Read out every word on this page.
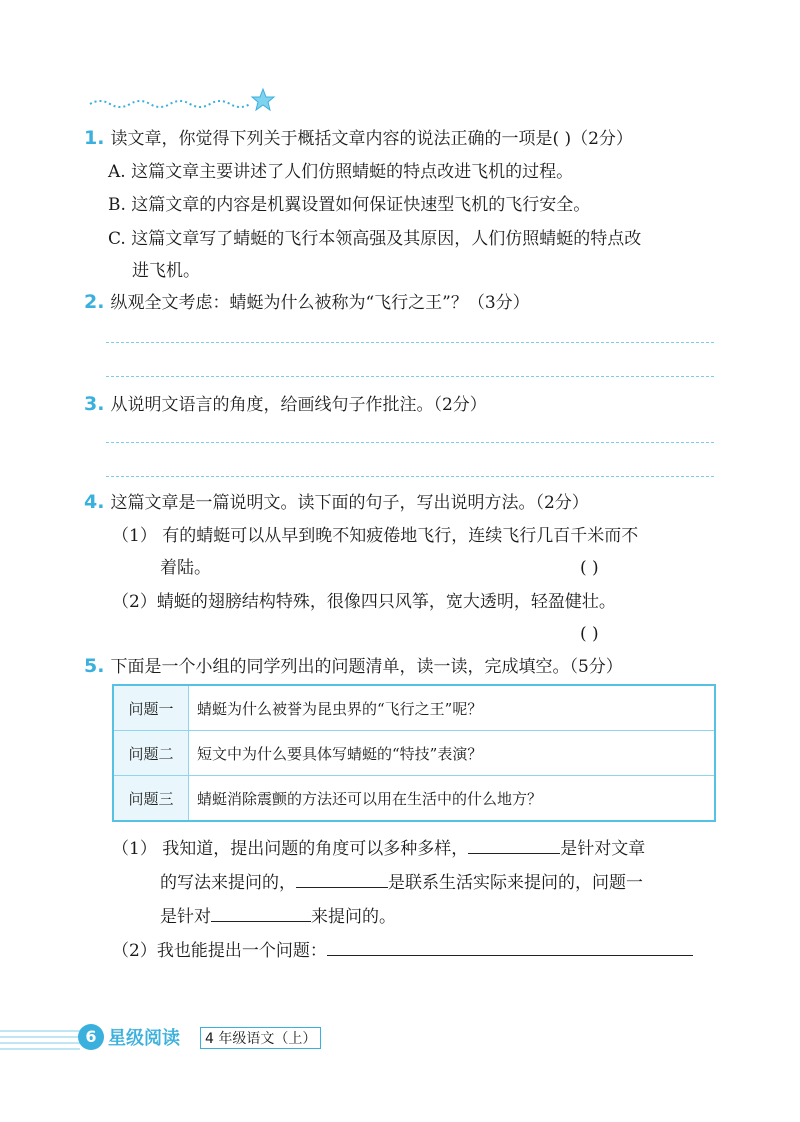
1. 读文章，你觉得下列关于概括文章内容的说法正确的一项是( )（2分）
A. 这篇文章主要讲述了人们仿照蜻蜓的特点改进飞机的过程。
B. 这篇文章的内容是机翼设置如何保证快速型飞机的飞行安全。
C. 这篇文章写了蜻蜓的飞行本领高强及其原因，人们仿照蜻蜓的特点改
进飞机。
2. 纵观全文考虑：蜻蜓为什么被称为“飞行之王”？（3分）
3. 从说明文语言的角度，给画线句子作批注。（2分）
4. 这篇文章是一篇说明文。读下面的句子，写出说明方法。（2分）
（1） 有的蜻蜓可以从早到晚不知疲倦地飞行，连续飞行几百千米而不
着陆。	( )
（2）蜻蜓的翅膀结构特殊，很像四只风筝，宽大透明，轻盈健壮。
( )
5. 下面是一个小组的同学列出的问题清单，读一读，完成填空。（5分）
问题一	蜻蜓为什么被誉为昆虫界的“飞行之王”呢？
问题二	短文中为什么要具体写蜻蜓的“特技”表演？
问题三	蜻蜓消除震颤的方法还可以用在生活中的什么地方？
（1） 我知道，提出问题的角度可以多种多样，	是针对文章
的写法来提问的，	是联系生活实际来提问的，问题一
是针对	来提问的。
（2）我也能提出一个问题：
6 星级阅读	4 年级语文（上）
